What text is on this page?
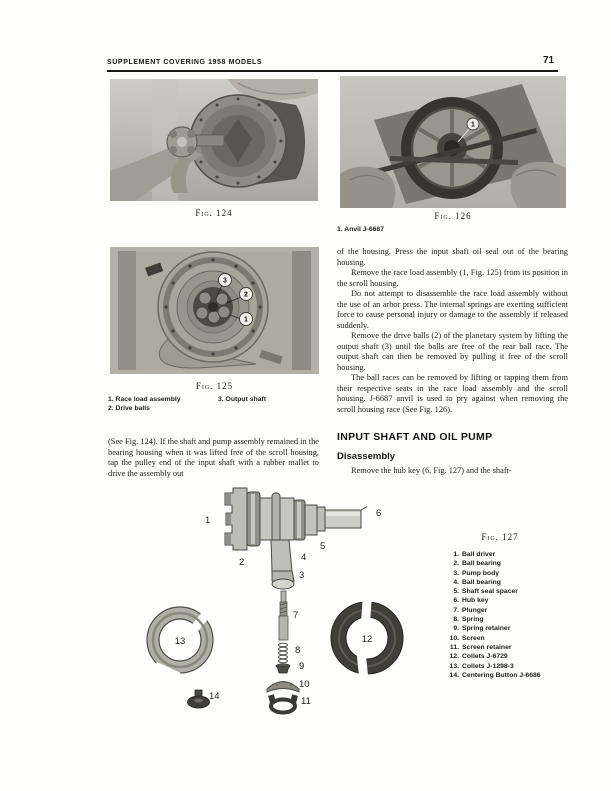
SUPPLEMENT COVERING 1958 MODELS	71
Fig. 124
3
2
1
Fig. 125
1. Race load assembly
2. Drive balls
3. Output shaft

(See Fig. 124). If the shaft and pump assembly remained in the bearing housing when it was lifted free of the scroll housing, tap the pulley end of the input shaft with a rubber mallet to drive the assembly out

1
Fig. 126
1. Anvil J-6687

of the housing. Press the input shaft oil seal out of the bearing housing.

Remove the race load assembly (1, Fig. 125) from its position in the scroll housing.

Do not attempt to disassemble the race load assembly without the use of an arbor press. The internal springs are exerting sufficient force to cause personal injury or damage to the assembly if released suddenly.

Remove the drive balls (2) of the planetary system by lifting the output shaft (3) until the balls are free of the rear ball race. The output shaft can then be removed by pulling it free of the scroll housing.

The ball races can be removed by lifting or tapping them from their respective seats in the race load assembly and the scroll housing. J-6687 anvil is used to pry against when removing the scroll housing race (See Fig. 126).

INPUT SHAFT AND OIL PUMP
Disassembly

Remove the hub key (6, Fig. 127) and the shaft-

1
2
3
4
5
6
7
8
9
10
11
12
13
14
Fig. 127
1. Ball driver
2. Ball bearing
3. Pump body
4. Ball bearing
5. Shaft seal spacer
6. Hub key
7. Plunger
8. Spring
9. Spring retainer
10. Screen
11. Screen retainer
12. Collets J-6729
13. Collets J-1298-3
14. Centering Button J-6686
